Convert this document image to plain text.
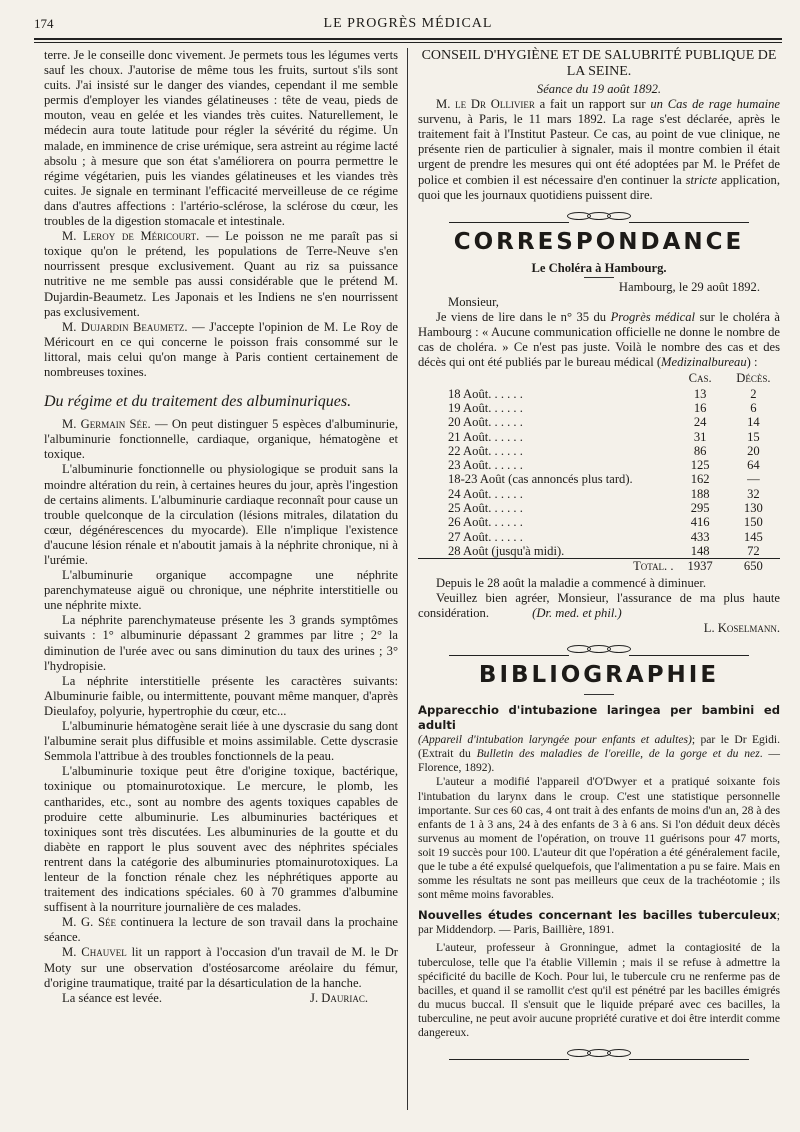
174	LE PROGRÈS MÉDICAL

terre. Je le conseille donc vivement. Je permets tous les légumes verts sauf les choux. J'autorise de même tous les fruits, surtout s'ils sont cuits. J'ai insisté sur le danger des viandes, cependant il me semble permis d'employer les viandes gélatineuses : tête de veau, pieds de mouton, veau en gelée et les viandes très cuites. Naturellement, le médecin aura toute latitude pour régler la sévérité du régime. Un malade, en imminence de crise urémique, sera astreint au régime lacté absolu ; à mesure que son état s'améliorera on pourra permettre le régime végétarien, puis les viandes gélatineuses et les viandes très cuites. Je signale en terminant l'efficacité merveilleuse de ce régime dans d'autres affections : l'artério-sclérose, la sclérose du cœur, les troubles de la digestion stomacale et intestinale.

M. Leroy de Méricourt. — Le poisson ne me paraît pas si toxique qu'on le prétend, les populations de Terre-Neuve s'en nourrissent presque exclusivement. Quant au riz sa puissance nutritive ne me semble pas aussi considérable que le prétend M. Dujardin-Beaumetz. Les Japonais et les Indiens ne s'en nourrissent pas exclusivement.

M. Dujardin Beaumetz. — J'accepte l'opinion de M. Le Roy de Méricourt en ce qui concerne le poisson frais consommé sur le littoral, mais celui qu'on mange à Paris contient certainement de nombreuses toxines.

Du régime et du traitement des albuminuriques.

M. Germain Sée. — On peut distinguer 5 espèces d'albuminurie, l'albuminurie fonctionnelle, cardiaque, organique, hématogène et toxique.

L'albuminurie fonctionnelle ou physiologique se produit sans la moindre altération du rein, à certaines heures du jour, après l'ingestion de certains aliments. L'albuminurie cardiaque reconnaît pour cause un trouble quelconque de la circulation (lésions mitrales, dilatation du cœur, dégénérescences du myocarde). Elle n'implique l'existence d'aucune lésion rénale et n'aboutit jamais à la néphrite chronique, ni à l'urémie.

L'albuminurie organique accompagne une néphrite parenchymateuse aiguë ou chronique, une néphrite interstitielle ou une néphrite mixte.

La néphrite parenchymateuse présente les 3 grands symptômes suivants : 1° albuminurie dépassant 2 grammes par litre ; 2° la diminution de l'urée avec ou sans diminution du taux des urines ; 3° l'hydropisie.

La néphrite interstitielle présente les caractères suivants: Albuminurie faible, ou intermittente, pouvant même manquer, d'après Dieulafoy, polyurie, hypertrophie du cœur, etc...

L'albuminurie hématogène serait liée à une dyscrasie du sang dont l'albumine serait plus diffusible et moins assimilable. Cette dyscrasie Semmola l'attribue à des troubles fonctionnels de la peau.

L'albuminurie toxique peut être d'origine toxique, bactérique, toxinique ou ptomainurotoxique. Le mercure, le plomb, les cantharides, etc., sont au nombre des agents toxiques capables de produire cette albuminurie. Les albuminuries bactériques et toxiniques sont très discutées. Les albuminuries de la goutte et du diabète en rapport le plus souvent avec des néphrites spéciales rentrent dans la catégorie des albuminuries ptomainurotoxiques. La lenteur de la fonction rénale chez les néphrétiques apporte au traitement des indications spéciales. 60 à 70 grammes d'albumine suffisent à la nourriture journalière de ces malades.

M. G. Sée continuera la lecture de son travail dans la prochaine séance.

M. Chauvel lit un rapport à l'occasion d'un travail de M. le Dr Moty sur une observation d'ostéosarcome aréolaire du fémur, d'origine traumatique, traité par la désarticulation de la hanche.

La séance est levée.	J. Dauriac.

CONSEIL D'HYGIÈNE ET DE SALUBRITÉ PUBLIQUE DE LA SEINE.

Séance du 19 août 1892.

M. le Dr Ollivier a fait un rapport sur un Cas de rage humaine survenu, à Paris, le 11 mars 1892. La rage s'est déclarée, après le traitement fait à l'Institut Pasteur. Ce cas, au point de vue clinique, ne présente rien de particulier à signaler, mais il montre combien il était urgent de prendre les mesures qui ont été adoptées par M. le Préfet de police et combien il est nécessaire d'en continuer la stricte application, quoi que les journaux quotidiens puissent dire.

CORRESPONDANCE

Le Choléra à Hambourg.

Hambourg, le 29 août 1892.

Monsieur,

Je viens de lire dans le n° 35 du Progrès médical sur le choléra à Hambourg : « Aucune communication officielle ne donne le nombre de cas de choléra. » Ce n'est pas juste. Voilà le nombre des cas et des décès qui ont été publiés par le bureau médical (Medizinalbureau) :

	Cas.	Décès.
18 Août. . . . . .	13	2
19 Août. . . . . .	16	6
20 Août. . . . . .	24	14
21 Août. . . . . .	31	15
22 Août. . . . . .	86	20
23 Août. . . . . .	125	64
18-23 Août (cas annoncés plus tard).	162	—
24 Août. . . . . .	188	32
25 Août. . . . . .	295	130
26 Août. . . . . .	416	150
27 Août. . . . . .	433	145
28 Août (jusqu'à midi).	148	72
Total. .	1937	650

Depuis le 28 août la maladie a commencé à diminuer.

Veuillez bien agréer, Monsieur, l'assurance de ma plus haute considération.	(Dr. med. et phil.)

L. Koselmann.

BIBLIOGRAPHIE

Apparecchio d'intubazione laringea per bambini ed adulti

(Appareil d'intubation laryngée pour enfants et adultes); par le Dr Egidi. (Extrait du Bulletin des maladies de l'oreille, de la gorge et du nez. — Florence, 1892).

L'auteur a modifié l'appareil d'O'Dwyer et a pratiqué soixante fois l'intubation du larynx dans le croup. C'est une statistique personnelle importante. Sur ces 60 cas, 4 ont trait à des enfants de moins d'un an, 28 à des enfants de 1 à 3 ans, 24 à des enfants de 3 à 6 ans. Si l'on déduit deux décès survenus au moment de l'opération, on trouve 11 guérisons pour 47 morts, soit 19 succès pour 100. L'auteur dit que l'opération a été généralement facile, que le tube a été expulsé quelquefois, que l'alimentation a pu se faire. Mais en somme les résultats ne sont pas meilleurs que ceux de la trachéotomie ; ils sont même moins favorables.

Nouvelles études concernant les bacilles tuberculeux; par Middendorp. — Paris, Baillière, 1891.

L'auteur, professeur à Gronningue, admet la contagiosité de la tuberculose, telle que l'a établie Villemin ; mais il se refuse à admettre la spécificité du bacille de Koch. Pour lui, le tubercule cru ne renferme pas de bacilles, et quand il se ramollit c'est qu'il est pénétré par les bacilles émigrés du mucus buccal. Il s'ensuit que le liquide préparé avec ces bacilles, la tuberculine, ne peut avoir aucune propriété curative et doi être interdit comme dangereux.
